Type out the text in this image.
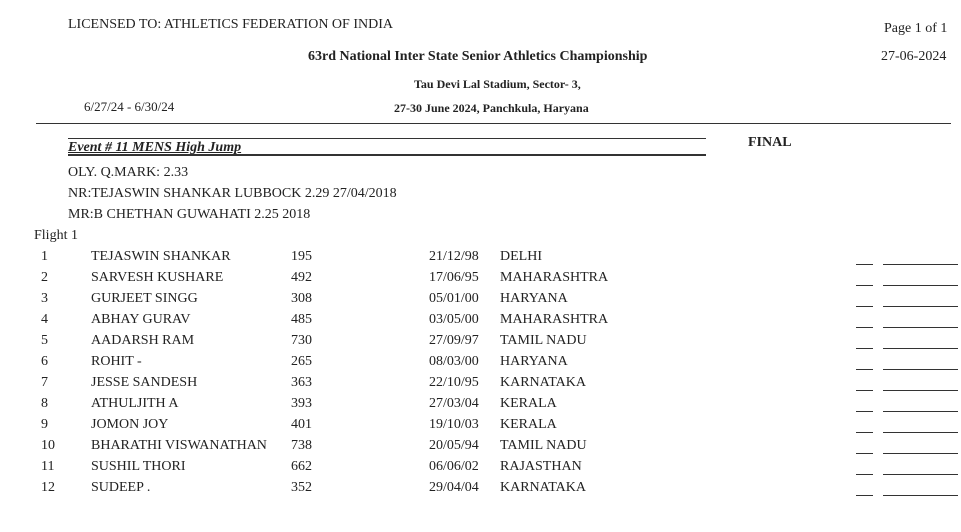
LICENSED TO: ATHLETICS FEDERATION OF INDIA	Page 1 of 1
63rd National Inter State Senior Athletics Championship	27-06-2024
Tau Devi Lal Stadium, Sector- 3,
6/27/24 - 6/30/24	27-30 June 2024, Panchkula, Haryana
Event # 11 MENS High Jump	FINAL
OLY. Q.MARK: 2.33
NR:TEJASWIN SHANKAR LUBBOCK 2.29 27/04/2018
MR:B CHETHAN GUWAHATI 2.25 2018
Flight 1
1	TEJASWIN SHANKAR	195	21/12/98 DELHI
2	SARVESH KUSHARE	492	17/06/95 MAHARASHTRA
3	GURJEET SINGG	308	05/01/00 HARYANA
4	ABHAY GURAV	485	03/05/00 MAHARASHTRA
5	AADARSH RAM	730	27/09/97 TAMIL NADU
6	ROHIT -	265	08/03/00 HARYANA
7	JESSE SANDESH	363	22/10/95 KARNATAKA
8	ATHULJITH A	393	27/03/04 KERALA
9	JOMON JOY	401	19/10/03 KERALA
10	BHARATHI VISWANATHAN 738	20/05/94 TAMIL NADU
11	SUSHIL THORI	662	06/06/02 RAJASTHAN
12	SUDEEP .	352	29/04/04 KARNATAKA
